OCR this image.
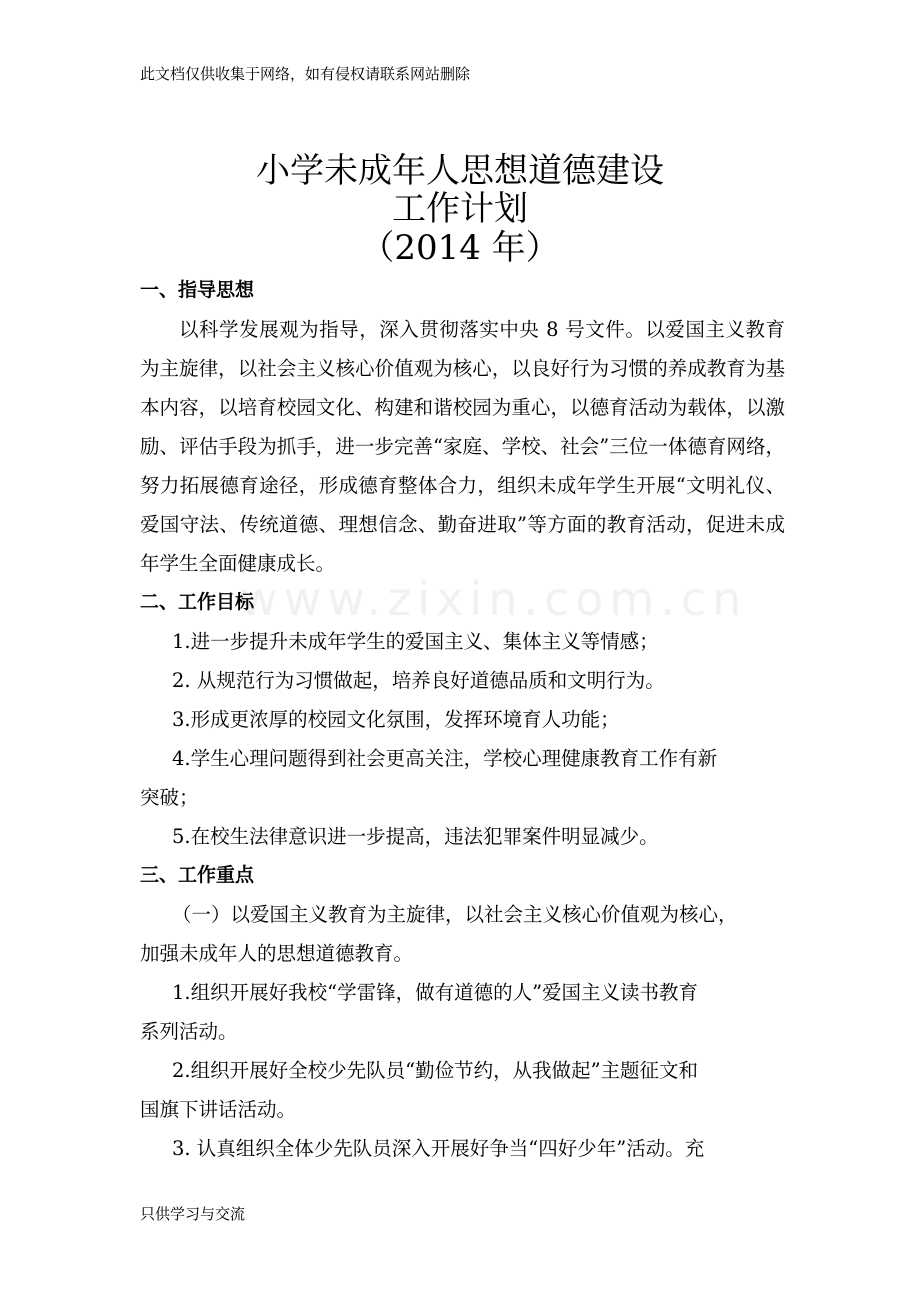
此文档仅供收集于网络，如有侵权请联系网站删除
www.zixin.com.cn
小学未成年人思想道德建设
工作计划
（2014 年）
一、指导思想

以科学发展观为指导，深入贯彻落实中央 8 号文件。以爱国主义教育为主旋律，以社会主义核心价值观为核心，以良好行为习惯的养成教育为基本内容，以培育校园文化、构建和谐校园为重心，以德育活动为载体，以激励、评估手段为抓手，进一步完善“家庭、学校、社会”三位一体德育网络，努力拓展德育途径，形成德育整体合力，组织未成年学生开展“文明礼仪、爱国守法、传统道德、理想信念、勤奋进取”等方面的教育活动，促进未成年学生全面健康成长。

二、工作目标
1.进一步提升未成年学生的爱国主义、集体主义等情感；
2. 从规范行为习惯做起，培养良好道德品质和文明行为。
3.形成更浓厚的校园文化氛围，发挥环境育人功能；
4.学生心理问题得到社会更高关注，学校心理健康教育工作有新
突破；
5.在校生法律意识进一步提高，违法犯罪案件明显减少。
三、工作重点
（一）以爱国主义教育为主旋律，以社会主义核心价值观为核心，
加强未成年人的思想道德教育。
1.组织开展好我校“学雷锋，做有道德的人”爱国主义读书教育
系列活动。
2.组织开展好全校少先队员“勤俭节约，从我做起”主题征文和
国旗下讲话活动。
3. 认真组织全体少先队员深入开展好争当“四好少年”活动。充
只供学习与交流
